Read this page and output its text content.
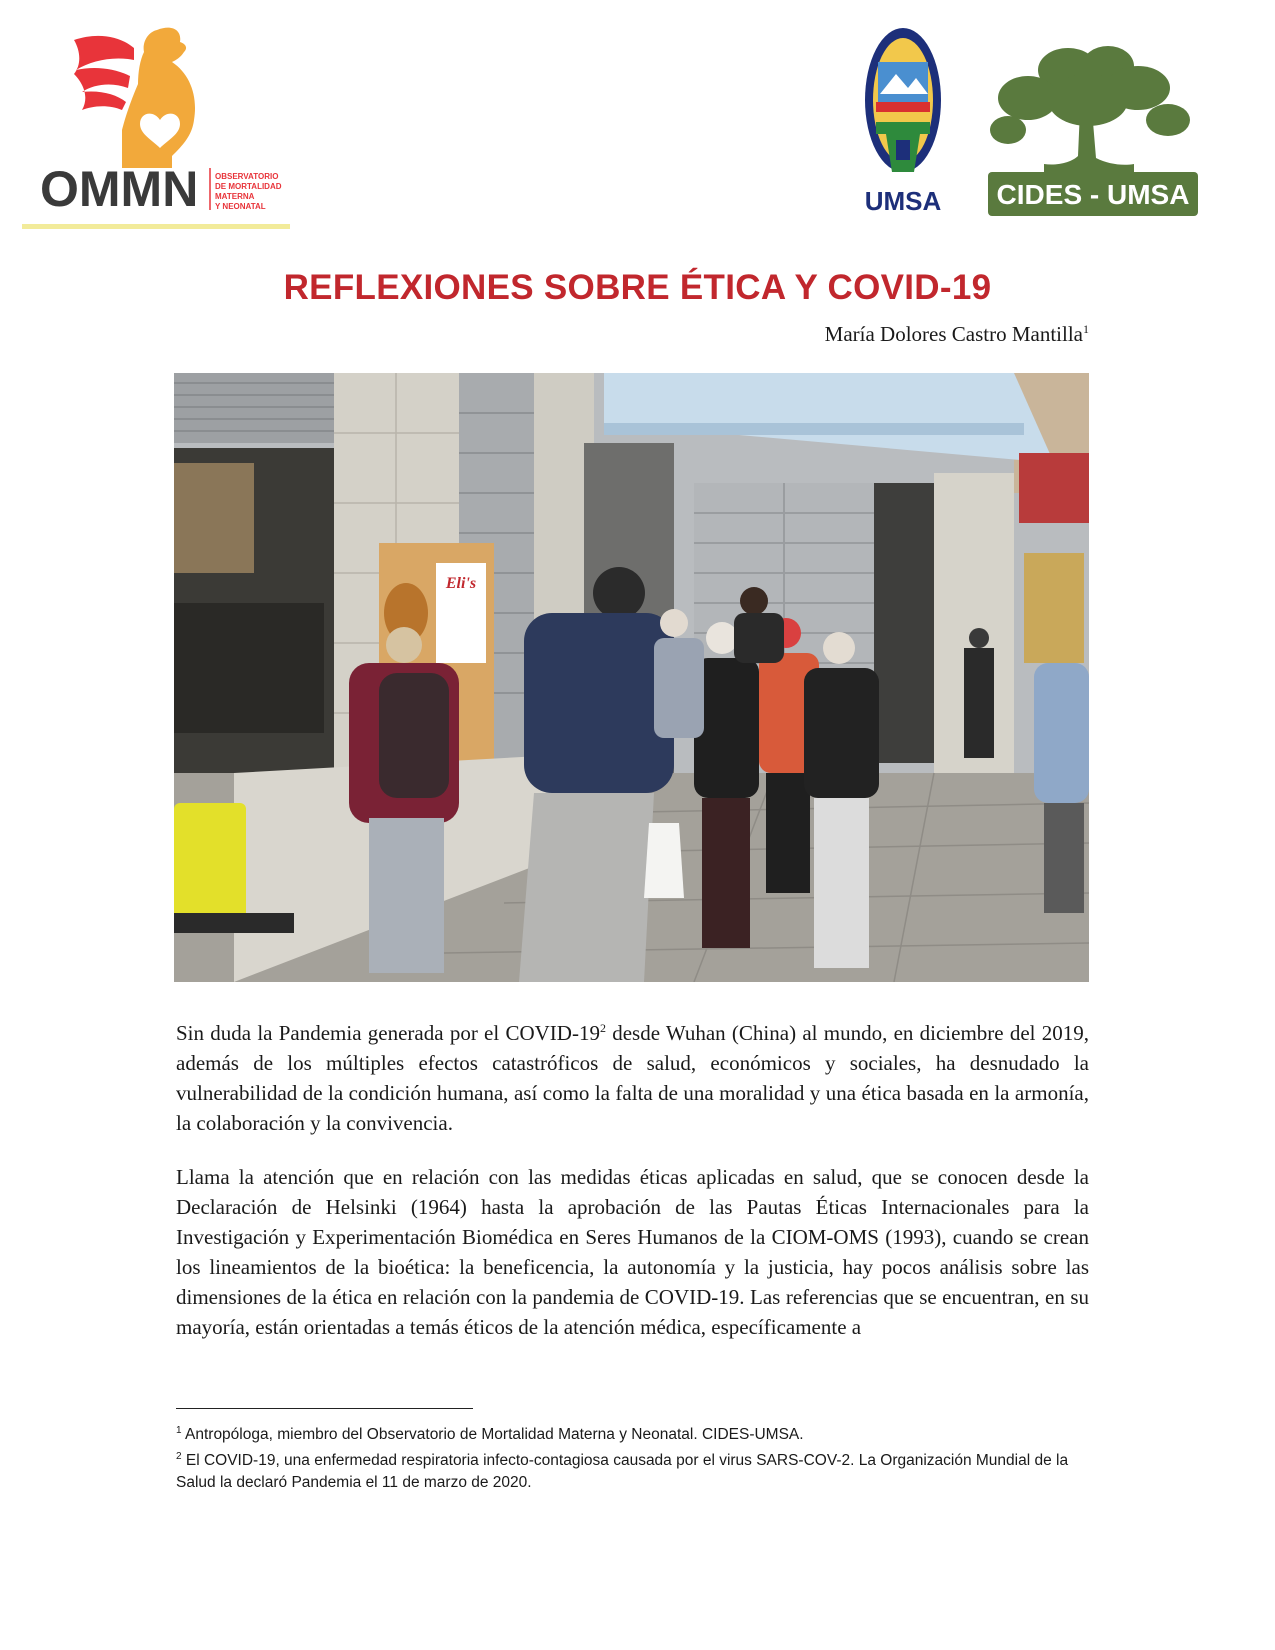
OMMN OBSERVATORIO
DE MORTALIDAD
MATERNA
Y NEONATAL	UMSA CIDES - UMSA
REFLEXIONES SOBRE ÉTICA Y COVID-19
María Dolores Castro Mantilla$^1$
Eli's
Sin duda la Pandemia generada por el COVID-$19^2$ desde Wuhan (China) al mundo, en diciembre del 2019, además de los múltiples efectos catastróficos de salud, económicos y sociales, ha desnudado la vulnerabilidad de la condición humana, así como la falta de una moralidad y una ética basada en la armonía, la colaboración y la convivencia.
Llama la atención que en relación con las medidas éticas aplicadas en salud, que se conocen desde la Declaración de Helsinki (1964) hasta la aprobación de las Pautas Éticas Internacionales para la Investigación y Experimentación Biomédica en Seres Humanos de la CIOM-OMS (1993), cuando se crean los lineamientos de la bioética: la beneficencia, la autonomía y la justicia, hay pocos análisis sobre las dimensiones de la ética en relación con la pandemia de COVID-19. Las referencias que se encuentran, en su mayoría, están orientadas a temás éticos de la atención médica, específicamente a

$^1$ Antropóloga, miembro del Observatorio de Mortalidad Materna y Neonatal. CIDES-UMSA.

$^2$ El COVID-19, una enfermedad respiratoria infecto-contagiosa causada por el virus SARS-COV-2. La Organización Mundial de la Salud la declaró Pandemia el 11 de marzo de 2020.
